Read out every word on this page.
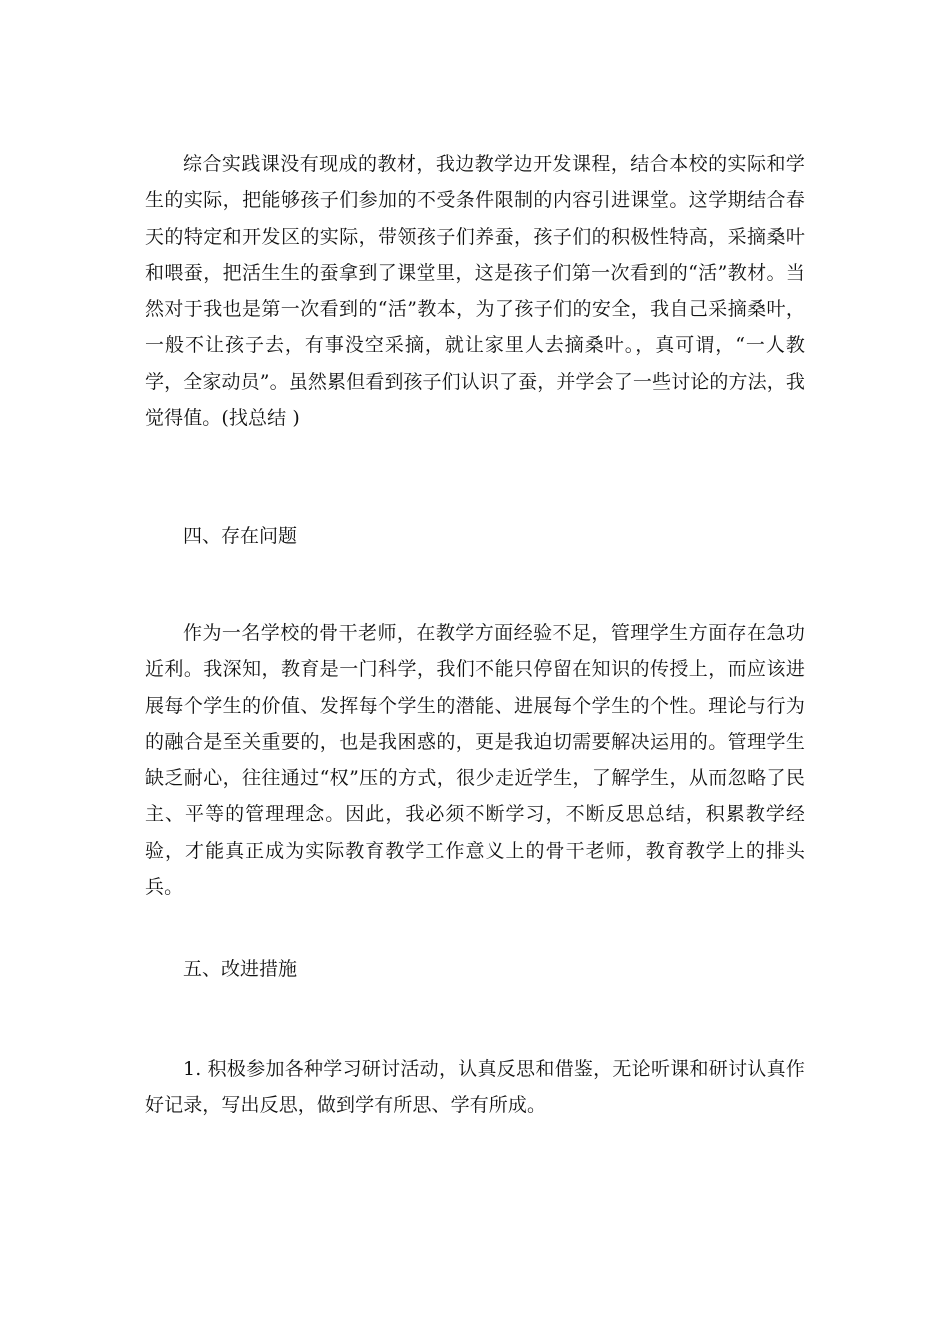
综合实践课没有现成的教材，我边教学边开发课程，结合本校的实际和学生的实际，把能够孩子们参加的不受条件限制的内容引进课堂。这学期结合春天的特定和开发区的实际，带领孩子们养蚕，孩子们的积极性特高，采摘桑叶和喂蚕，把活生生的蚕拿到了课堂里，这是孩子们第一次看到的“活”教材。当然对于我也是第一次看到的“活”教本，为了孩子们的安全，我自己采摘桑叶，一般不让孩子去，有事没空采摘，就让家里人去摘桑叶。，真可谓，“一人教学，全家动员”。虽然累但看到孩子们认识了蚕，并学会了一些讨论的方法，我觉得值。(找总结 )

四、存在问题

作为一名学校的骨干老师，在教学方面经验不足，管理学生方面存在急功近利。我深知，教育是一门科学，我们不能只停留在知识的传授上，而应该进展每个学生的价值、发挥每个学生的潜能、进展每个学生的个性。理论与行为的融合是至关重要的，也是我困惑的，更是我迫切需要解决运用的。管理学生缺乏耐心，往往通过“权”压的方式，很少走近学生，了解学生，从而忽略了民主、平等的管理理念。因此，我必须不断学习，不断反思总结，积累教学经验，才能真正成为实际教育教学工作意义上的骨干老师，教育教学上的排头兵。

五、改进措施

1. 积极参加各种学习研讨活动，认真反思和借鉴，无论听课和研讨认真作好记录，写出反思，做到学有所思、学有所成。
